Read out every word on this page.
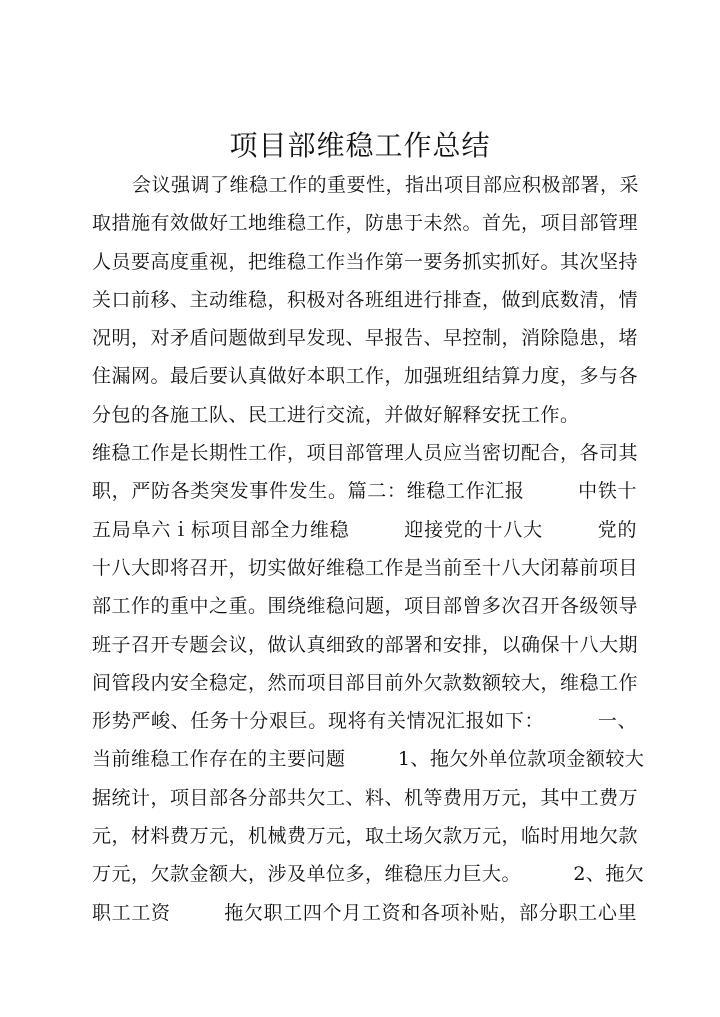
项目部维稳工作总结
会议强调了维稳工作的重要性，指出项目部应积极部署，采
取措施有效做好工地维稳工作，防患于未然。首先，项目部管理
人员要高度重视，把维稳工作当作第一要务抓实抓好。其次坚持
关口前移、主动维稳，积极对各班组进行排查，做到底数清，情
况明，对矛盾问题做到早发现、早报告、早控制，消除隐患，堵
住漏网。最后要认真做好本职工作，加强班组结算力度，多与各
分包的各施工队、民工进行交流，并做好解释安抚工作。
维稳工作是长期性工作，项目部管理人员应当密切配合，各司其
职，严防各类突发事件发生。篇二：维稳工作汇报        中铁十
五局阜六ｉ标项目部全力维稳        迎接党的十八大        党的
十八大即将召开，切实做好维稳工作是当前至十八大闭幕前项目
部工作的重中之重。围绕维稳问题，项目部曾多次召开各级领导
班子召开专题会议，做认真细致的部署和安排，以确保十八大期
间管段内安全稳定，然而项目部目前外欠款数额较大，维稳工作
形势严峻、任务十分艰巨。现将有关情况汇报如下：        一、
当前维稳工作存在的主要问题        1、拖欠外单位款项金额较大
据统计，项目部各分部共欠工、料、机等费用万元，其中工费万
元，材料费万元，机械费万元，取土场欠款万元，临时用地欠款
万元，欠款金额大，涉及单位多，维稳压力巨大。        2、拖欠
职工工资        拖欠职工四个月工资和各项补贴，部分职工心里
